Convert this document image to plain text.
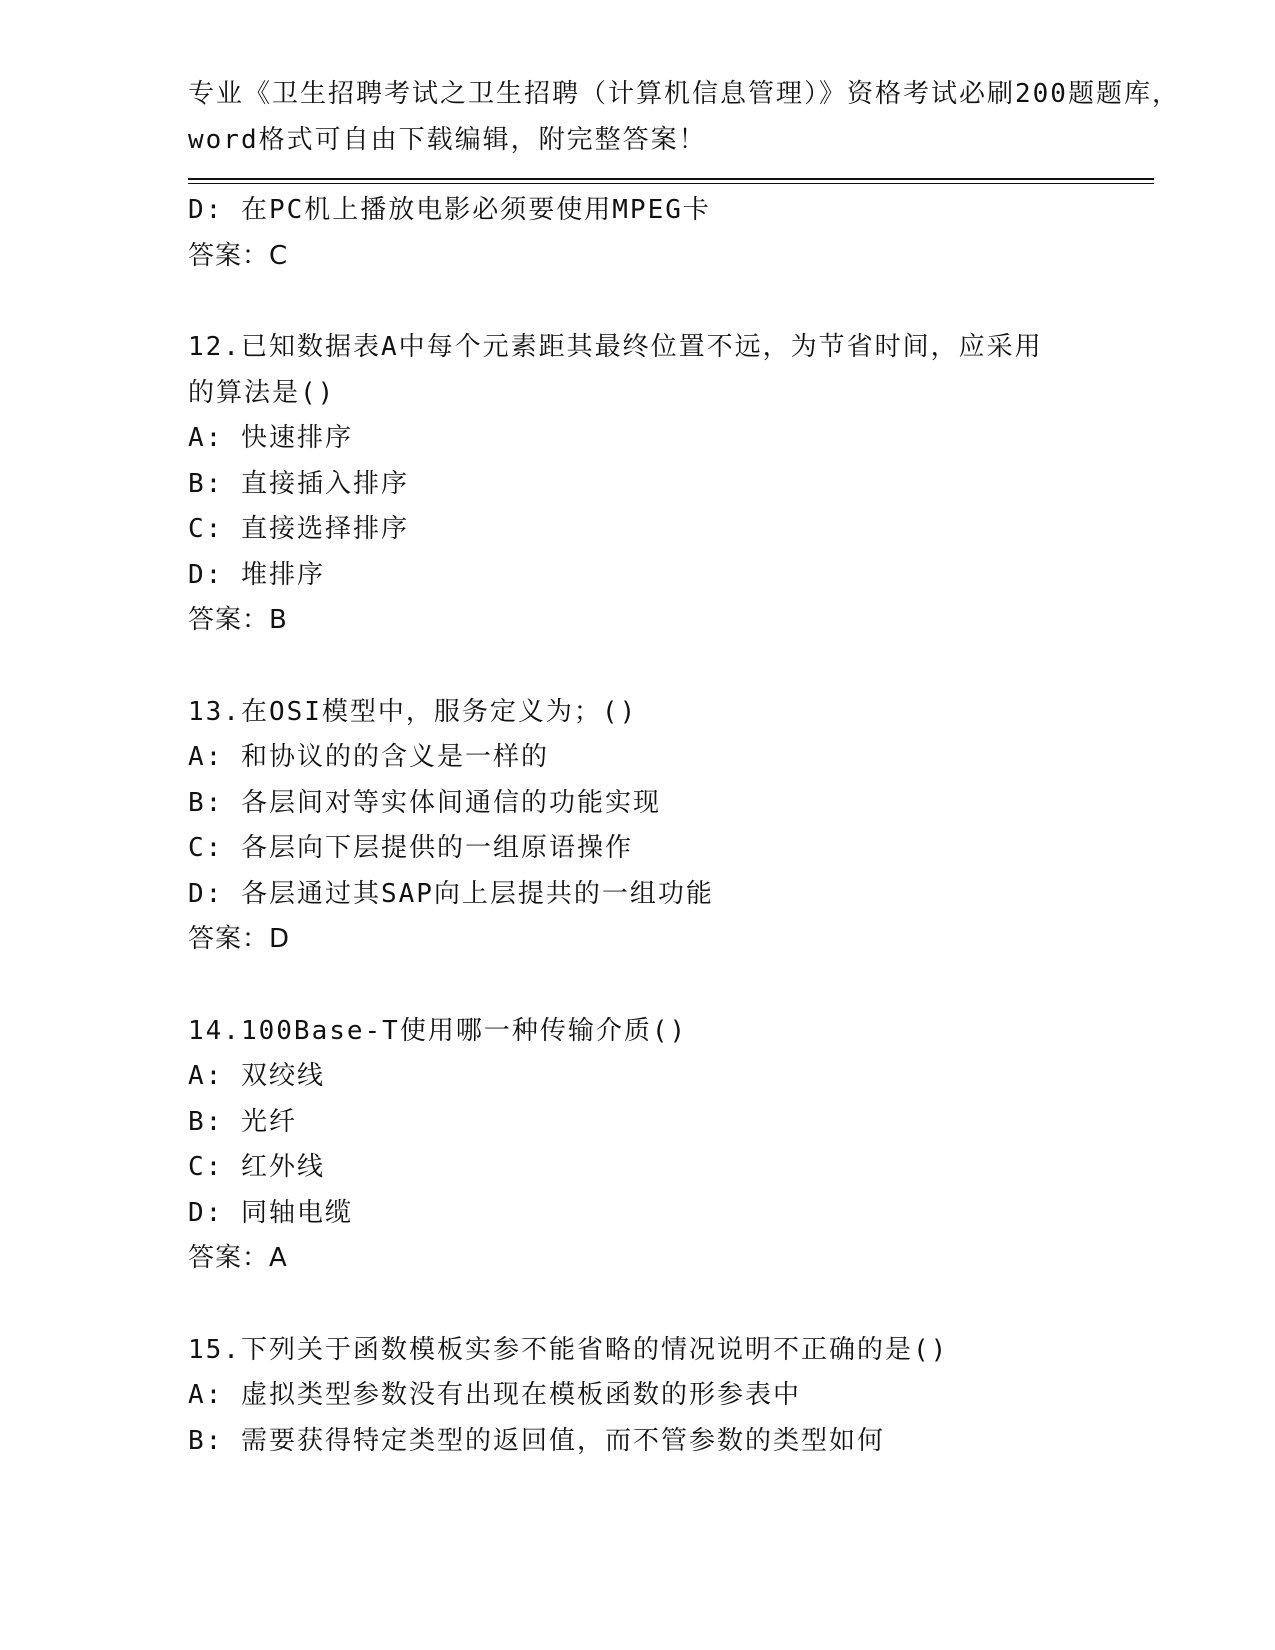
专业《卫生招聘考试之卫生招聘（计算机信息管理）》资格考试必刷200题题库，
word格式可自由下载编辑，附完整答案！
D: 在PC机上播放电影必须要使用MPEG卡
答案：C
12.已知数据表A中每个元素距其最终位置不远，为节省时间，应采用
的算法是()
A: 快速排序
B: 直接插入排序
C: 直接选择排序
D: 堆排序
答案：B
13.在OSI模型中，服务定义为；()
A: 和协议的的含义是一样的
B: 各层间对等实体间通信的功能实现
C: 各层向下层提供的一组原语操作
D: 各层通过其SAP向上层提共的一组功能
答案：D
14.100Base-T使用哪一种传输介质()
A: 双绞线
B: 光纤
C: 红外线
D: 同轴电缆
答案：A
15.下列关于函数模板实参不能省略的情况说明不正确的是()
A: 虚拟类型参数没有出现在模板函数的形参表中
B: 需要获得特定类型的返回值，而不管参数的类型如何
